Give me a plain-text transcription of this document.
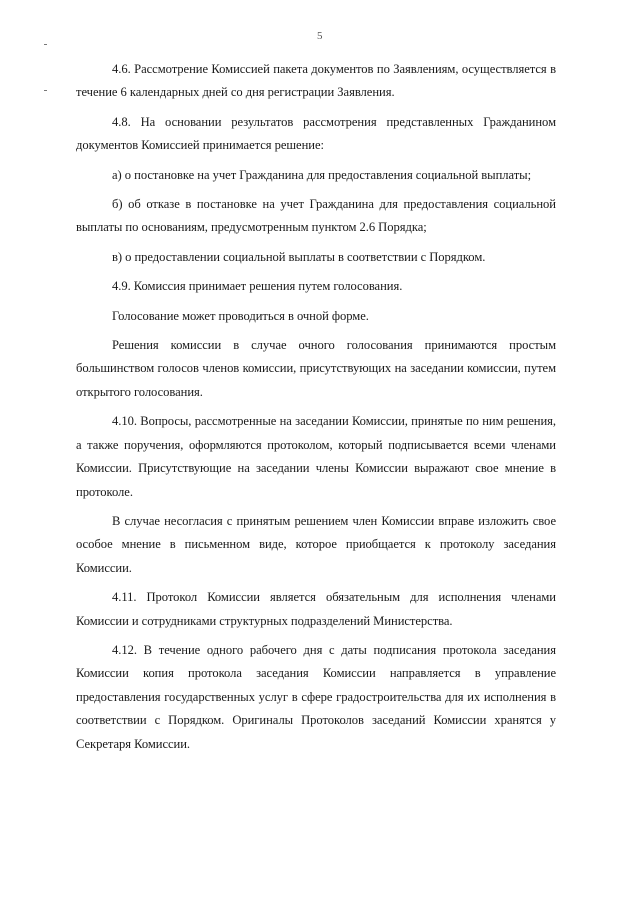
5

4.6. Рассмотрение Комиссией пакета документов по Заявлениям, осуществляется в течение 6 календарных дней со дня регистрации Заявления.

4.8. На основании результатов рассмотрения представленных Гражданином документов Комиссией принимается решение:

а) о постановке на учет Гражданина для предоставления социальной выплаты;

б) об отказе в постановке на учет Гражданина для предоставления социальной выплаты по основаниям, предусмотренным пунктом 2.6 Порядка;

в) о предоставлении социальной выплаты в соответствии с Порядком.

4.9. Комиссия принимает решения путем голосования.

Голосование может проводиться в очной форме.

Решения комиссии в случае очного голосования принимаются простым большинством голосов членов комиссии, присутствующих на заседании комиссии, путем открытого голосования.

4.10. Вопросы, рассмотренные на заседании Комиссии, принятые по ним решения, а также поручения, оформляются протоколом, который подписывается всеми членами Комиссии. Присутствующие на заседании члены Комиссии выражают свое мнение в протоколе.

В случае несогласия с принятым решением член Комиссии вправе изложить свое особое мнение в письменном виде, которое приобщается к протоколу заседания Комиссии.

4.11. Протокол Комиссии является обязательным для исполнения членами Комиссии и сотрудниками структурных подразделений Министерства.

4.12. В течение одного рабочего дня с даты подписания протокола заседания Комиссии копия протокола заседания Комиссии направляется в управление предоставления государственных услуг в сфере градостроительства для их исполнения в соответствии с Порядком. Оригиналы Протоколов заседаний Комиссии хранятся у Секретаря Комиссии.
